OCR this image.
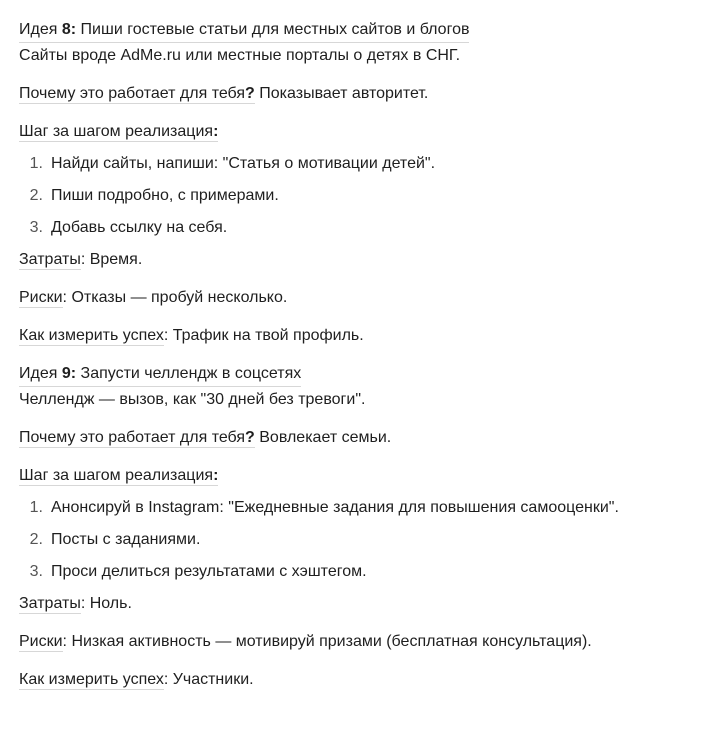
Идея 8: Пиши гостевые статьи для местных сайтов и блогов

Сайты вроде AdMe.ru или местные порталы о детях в СНГ.

Почему это работает для тебя? Показывает авторитет.

Шаг за шагом реализация:

1. Найди сайты, напиши: "Статья о мотивации детей".
2. Пиши подробно, с примерами.
3. Добавь ссылку на себя.

Затраты: Время.

Риски: Отказы — пробуй несколько.

Как измерить успех: Трафик на твой профиль.

Идея 9: Запусти челлендж в соцсетях

Челлендж — вызов, как "30 дней без тревоги".

Почему это работает для тебя? Вовлекает семьи.

Шаг за шагом реализация:

1. Анонсируй в Instagram: "Ежедневные задания для повышения самооценки".
2. Посты с заданиями.
3. Проси делиться результатами с хэштегом.

Затраты: Ноль.

Риски: Низкая активность — мотивируй призами (бесплатная консультация).

Как измерить успех: Участники.
